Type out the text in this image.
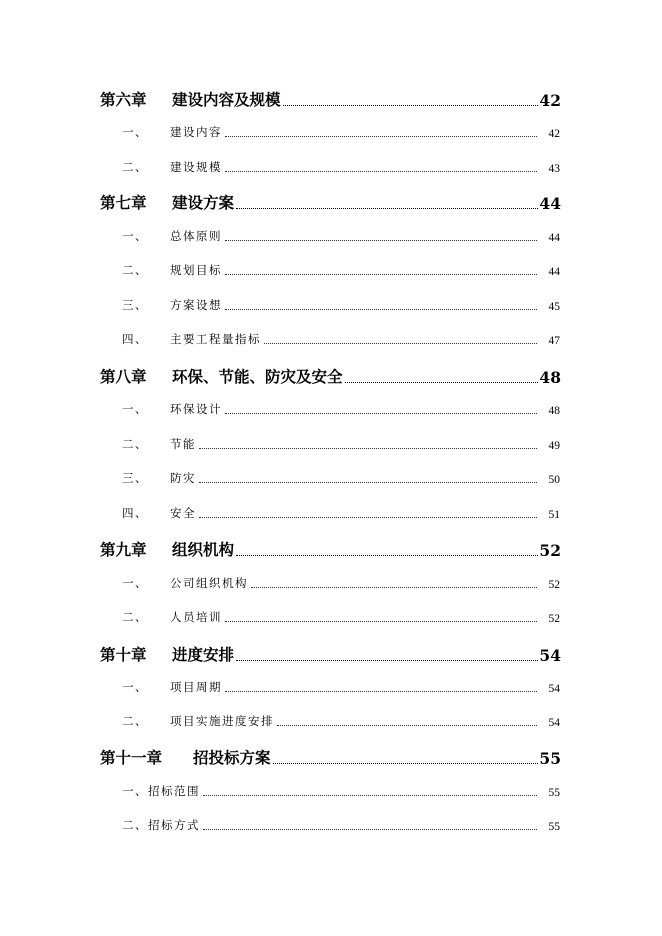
第六章	建设内容及规模	42
一、	建设内容	42
二、	建设规模	43
第七章	建设方案	44
一、	总体原则	44
二、	规划目标	44
三、	方案设想	45
四、	主要工程量指标	47
第八章	环保、节能、防灾及安全	48
一、	环保设计	48
二、	节能	49
三、	防灾	50
四、	安全	51
第九章	组织机构	52
一、	公司组织机构	52
二、	人员培训	52
第十章	进度安排	54
一、	项目周期	54
二、	项目实施进度安排	54
第十一章	招投标方案	55
一、 招标范围	55
二、 招标方式	55
